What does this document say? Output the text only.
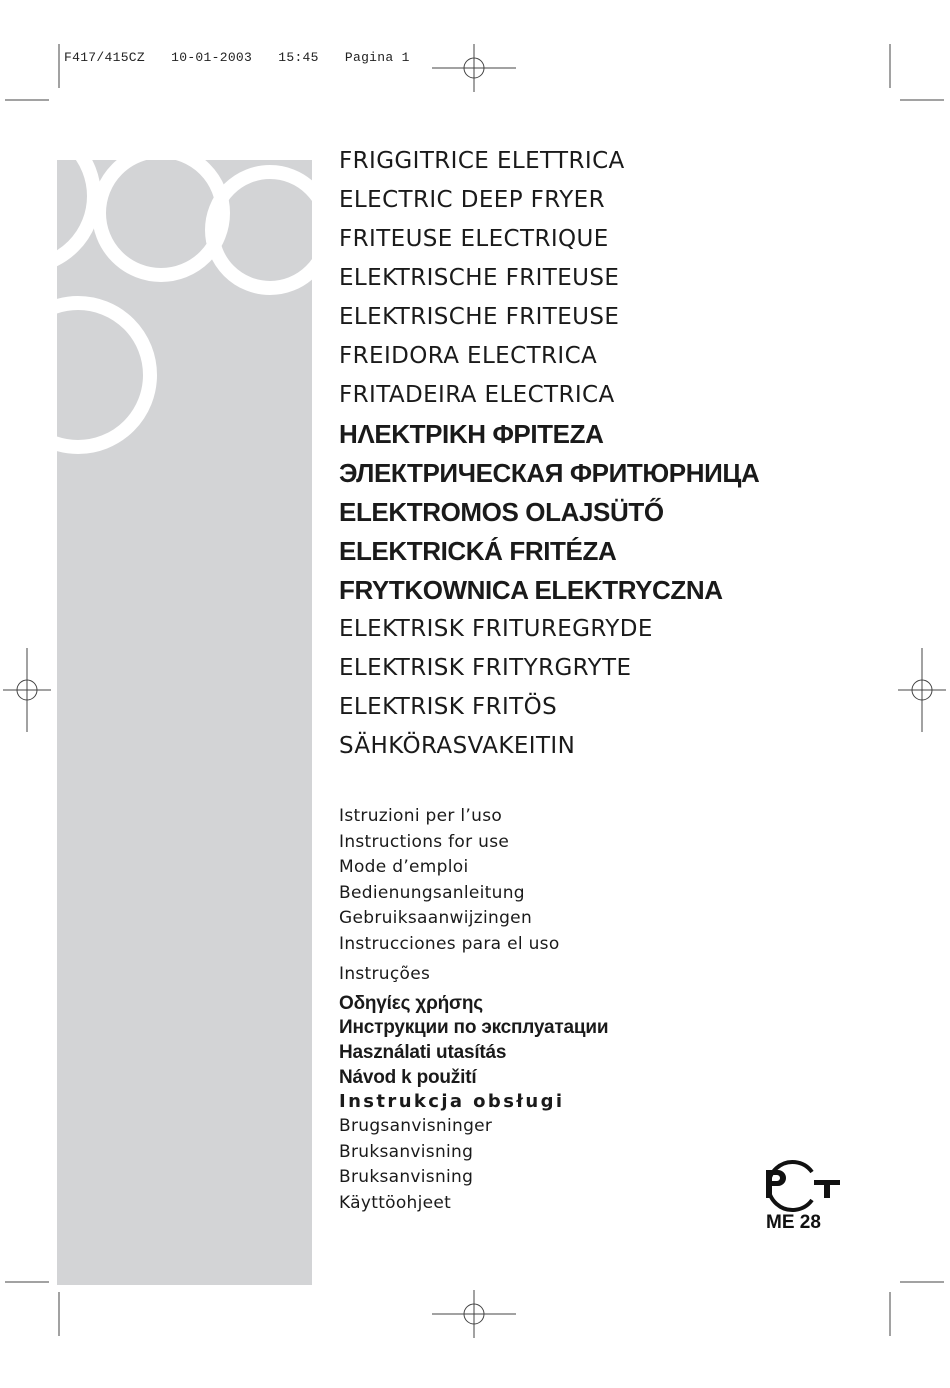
F417/415CZ 10-01-2003 15:45 Pagina 1
FRIGGITRICE ELETTRICA
ELECTRIC DEEP FRYER
FRITEUSE ELECTRIQUE
ELEKTRISCHE FRITEUSE
ELEKTRISCHE FRITEUSE
FREIDORA ELECTRICA
FRITADEIRA ELECTRICA
ΗΛΕΚΤΡΙΚΗ ΦΡΙΤΕΖΑ
ЭЛЕКТРИЧЕСКАЯ ФРИТЮРНИЦА
ELEKTROMOS OLAJSÜTŐ
ELEKTRICKÁ FRITÉZA
FRYTKOWNICA ELEKTRYCZNA
ELEKTRISK FRITUREGRYDE
ELEKTRISK FRITYRGRYTE
ELEKTRISK FRITÖS
SÄHKÖRASVAKEITIN
Istruzioni per l’uso
Instructions for use
Mode d’emploi
Bedienungsanleitung
Gebruiksaanwijzingen
Instrucciones para el uso
Instruções
Οδηγίες χρήσης
Инструкции по эксплуатации
Használati utasítás
Návod k použití
Instrukcja obsługi
Brugsanvisninger
Bruksanvisning
Bruksanvisning
Käyttöohjeet
ME 28
